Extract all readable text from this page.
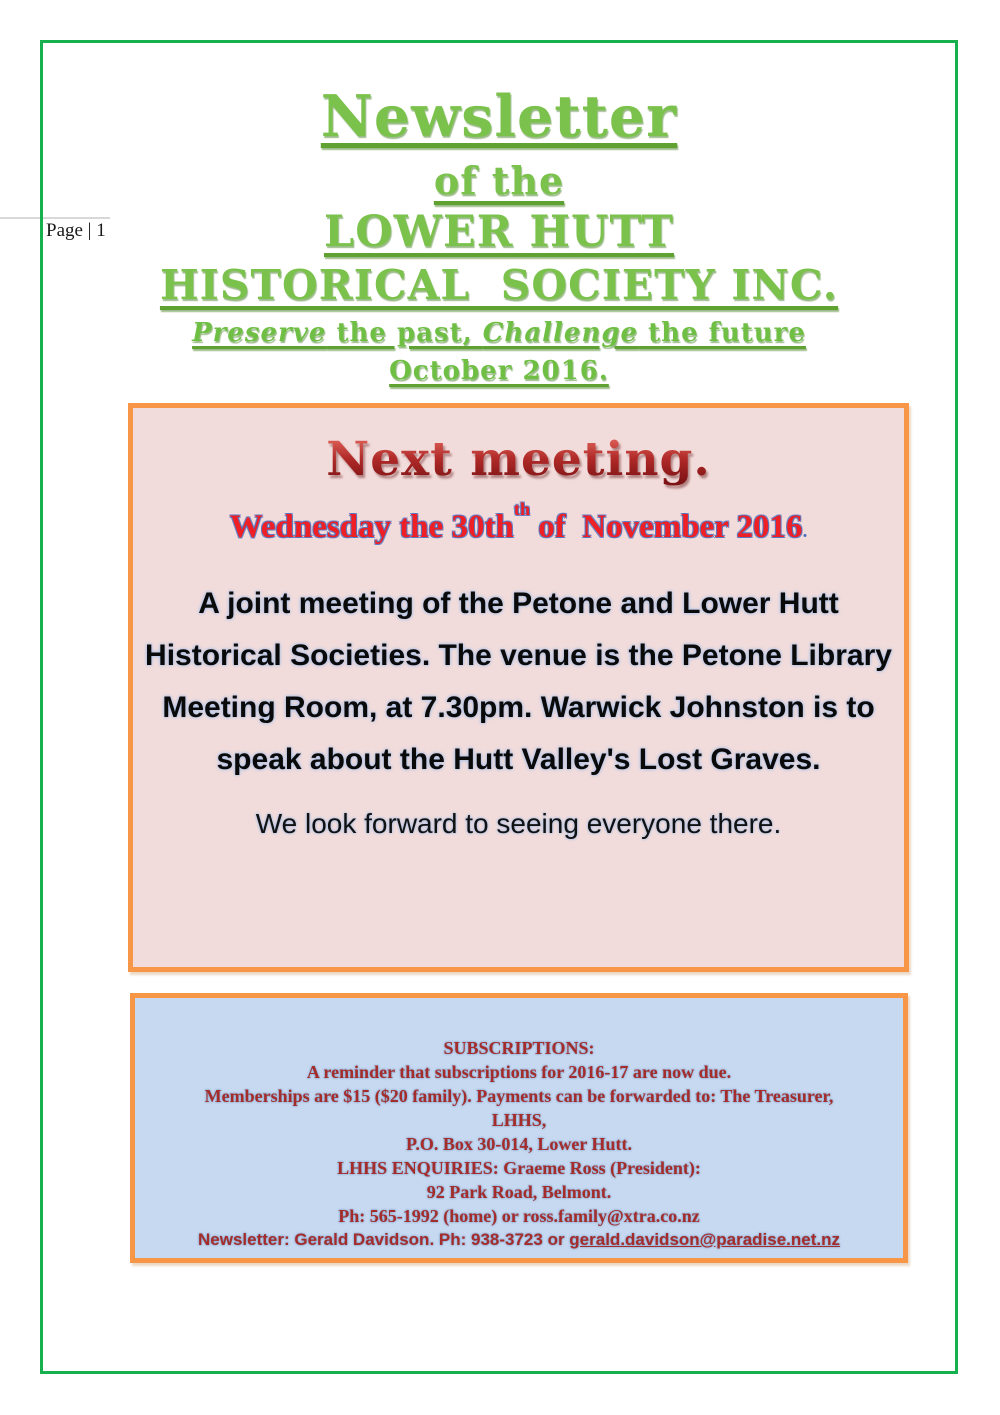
Page | 1
Newsletter
of the
LOWER HUTT
HISTORICAL  SOCIETY INC.
Preserve the past, Challenge the future
October 2016.
Next meeting.
Wednesday the $30th^{th}$ of  November 2016.

A joint meeting of the Petone and Lower Hutt Historical Societies. The venue is the Petone Library Meeting Room, at 7.30pm. Warwick Johnston is to speak about the Hutt Valley's Lost Graves.

We look forward to seeing everyone there.

SUBSCRIPTIONS:
A reminder that subscriptions for 2016-17 are now due.
Memberships are $15 ($20 family). Payments can be forwarded to: The Treasurer,
LHHS,
P.O. Box 30-014, Lower Hutt.
LHHS ENQUIRIES: Graeme Ross (President):
92 Park Road, Belmont.
Ph: 565-1992 (home) or ross.family@xtra.co.nz
Newsletter: Gerald Davidson. Ph: 938-3723 or gerald.davidson@paradise.net.nz
